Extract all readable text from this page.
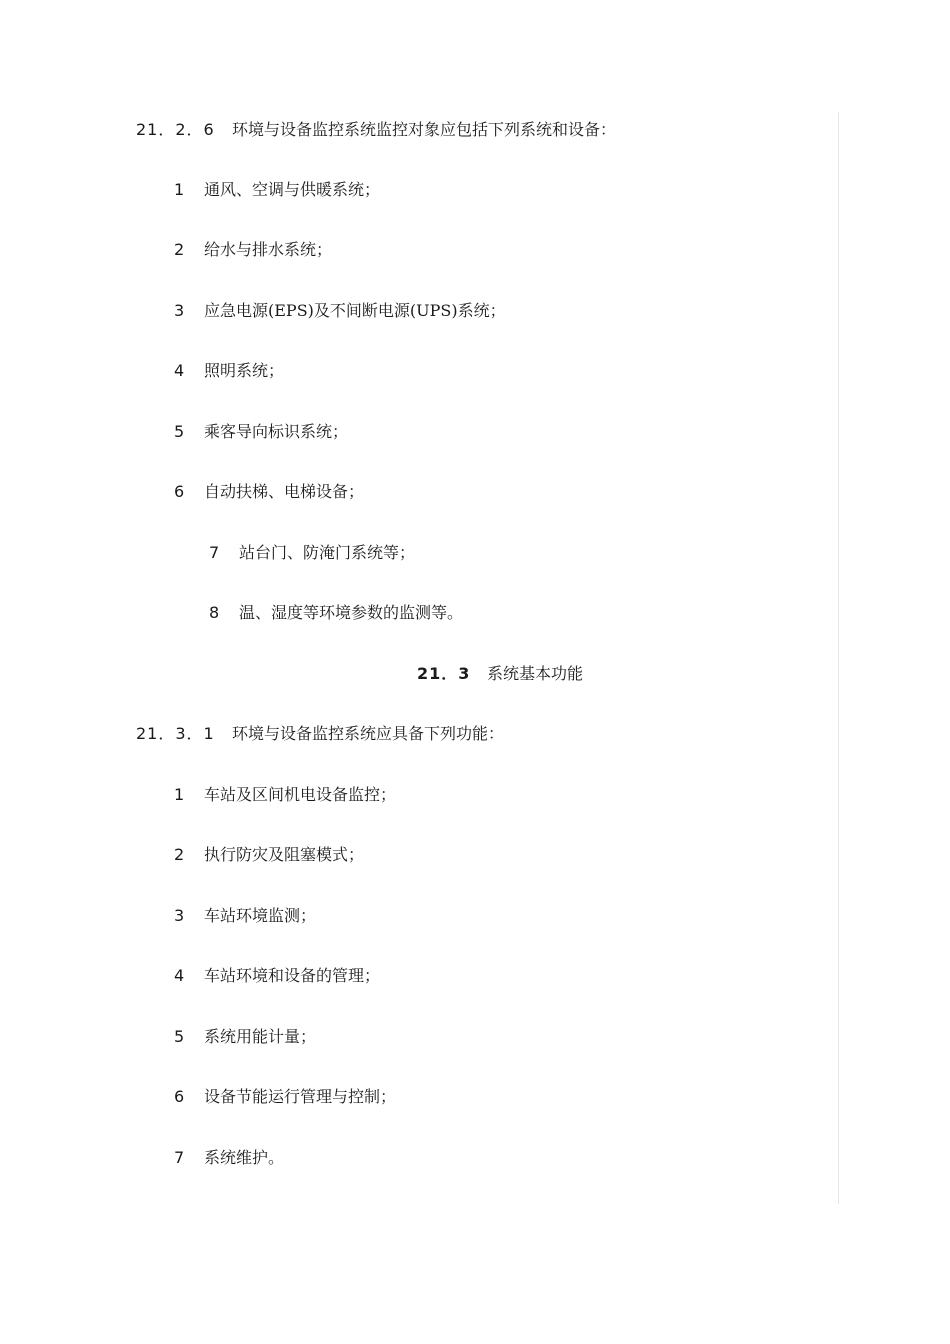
21．2．6 环境与设备监控系统监控对象应包括下列系统和设备：
1 通风、空调与供暖系统；
2 给水与排水系统；
3 应急电源(EPS)及不间断电源(UPS)系统；
4 照明系统；
5 乘客导向标识系统；
6 自动扶梯、电梯设备；
7 站台门、防淹门系统等；
8 温、湿度等环境参数的监测等。
21．3 系统基本功能
21．3．1 环境与设备监控系统应具备下列功能：
1 车站及区间机电设备监控；
2 执行防灾及阻塞模式；
3 车站环境监测；
4 车站环境和设备的管理；
5 系统用能计量；
6 设备节能运行管理与控制；
7 系统维护。
